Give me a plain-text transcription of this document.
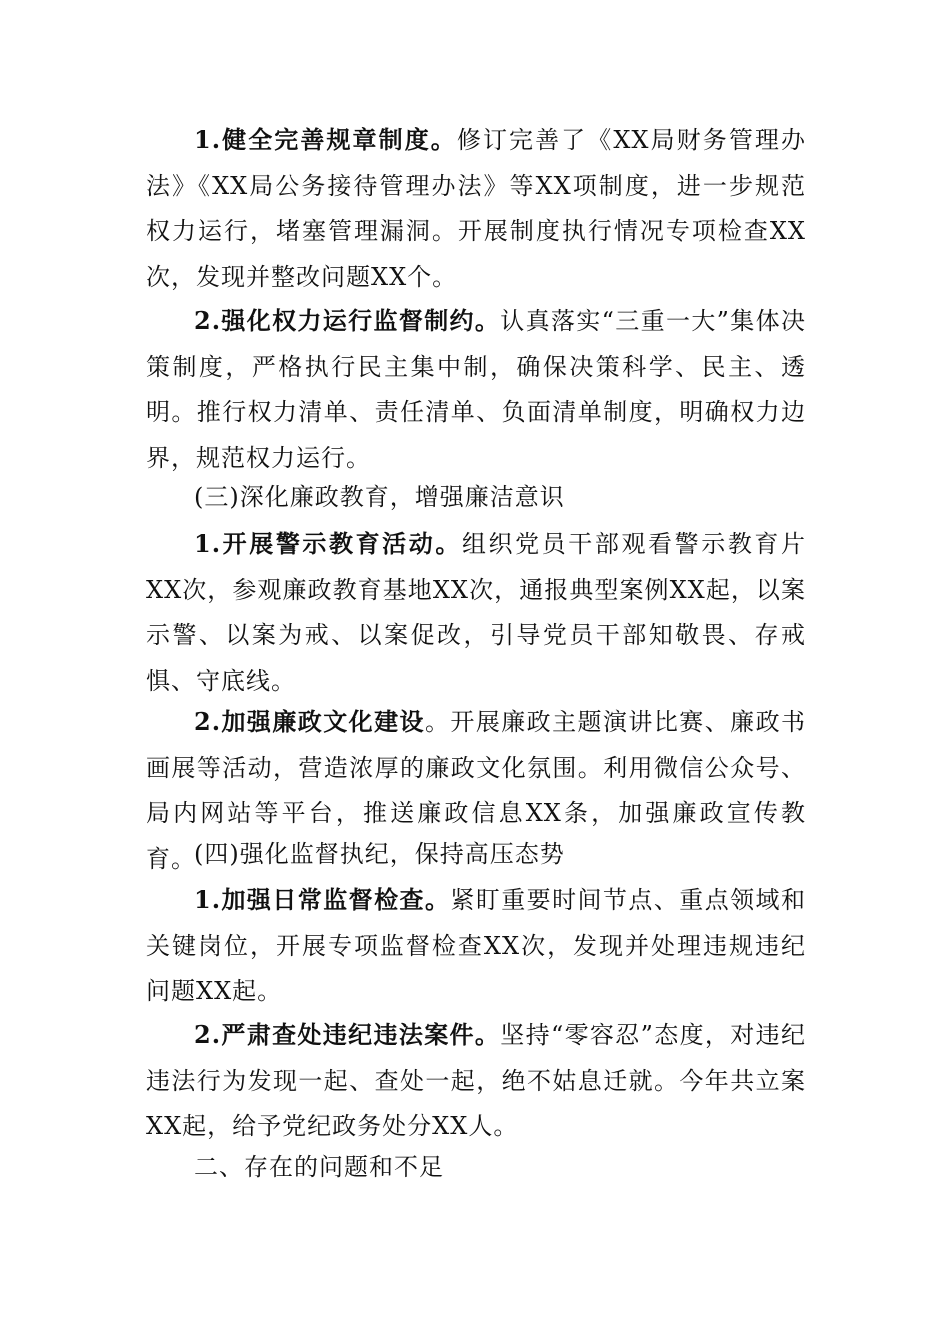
1.健全完善规章制度。修订完善了《XX局财务管理办法》《XX局公务接待管理办法》等XX项制度，进一步规范权力运行，堵塞管理漏洞。开展制度执行情况专项检查XX次，发现并整改问题XX个。

2.强化权力运行监督制约。认真落实“三重一大”集体决策制度，严格执行民主集中制，确保决策科学、民主、透明。推行权力清单、责任清单、负面清单制度，明确权力边界，规范权力运行。

(三)深化廉政教育，增强廉洁意识

1.开展警示教育活动。组织党员干部观看警示教育片XX次，参观廉政教育基地XX次，通报典型案例XX起，以案示警、以案为戒、以案促改，引导党员干部知敬畏、存戒惧、守底线。

2.加强廉政文化建设。开展廉政主题演讲比赛、廉政书画展等活动，营造浓厚的廉政文化氛围。利用微信公众号、局内网站等平台，推送廉政信息XX条，加强廉政宣传教育。

(四)强化监督执纪，保持高压态势

1.加强日常监督检查。紧盯重要时间节点、重点领域和关键岗位，开展专项监督检查XX次，发现并处理违规违纪问题XX起。

2.严肃查处违纪违法案件。坚持“零容忍”态度，对违纪违法行为发现一起、查处一起，绝不姑息迁就。今年共立案XX起，给予党纪政务处分XX人。

二、存在的问题和不足
